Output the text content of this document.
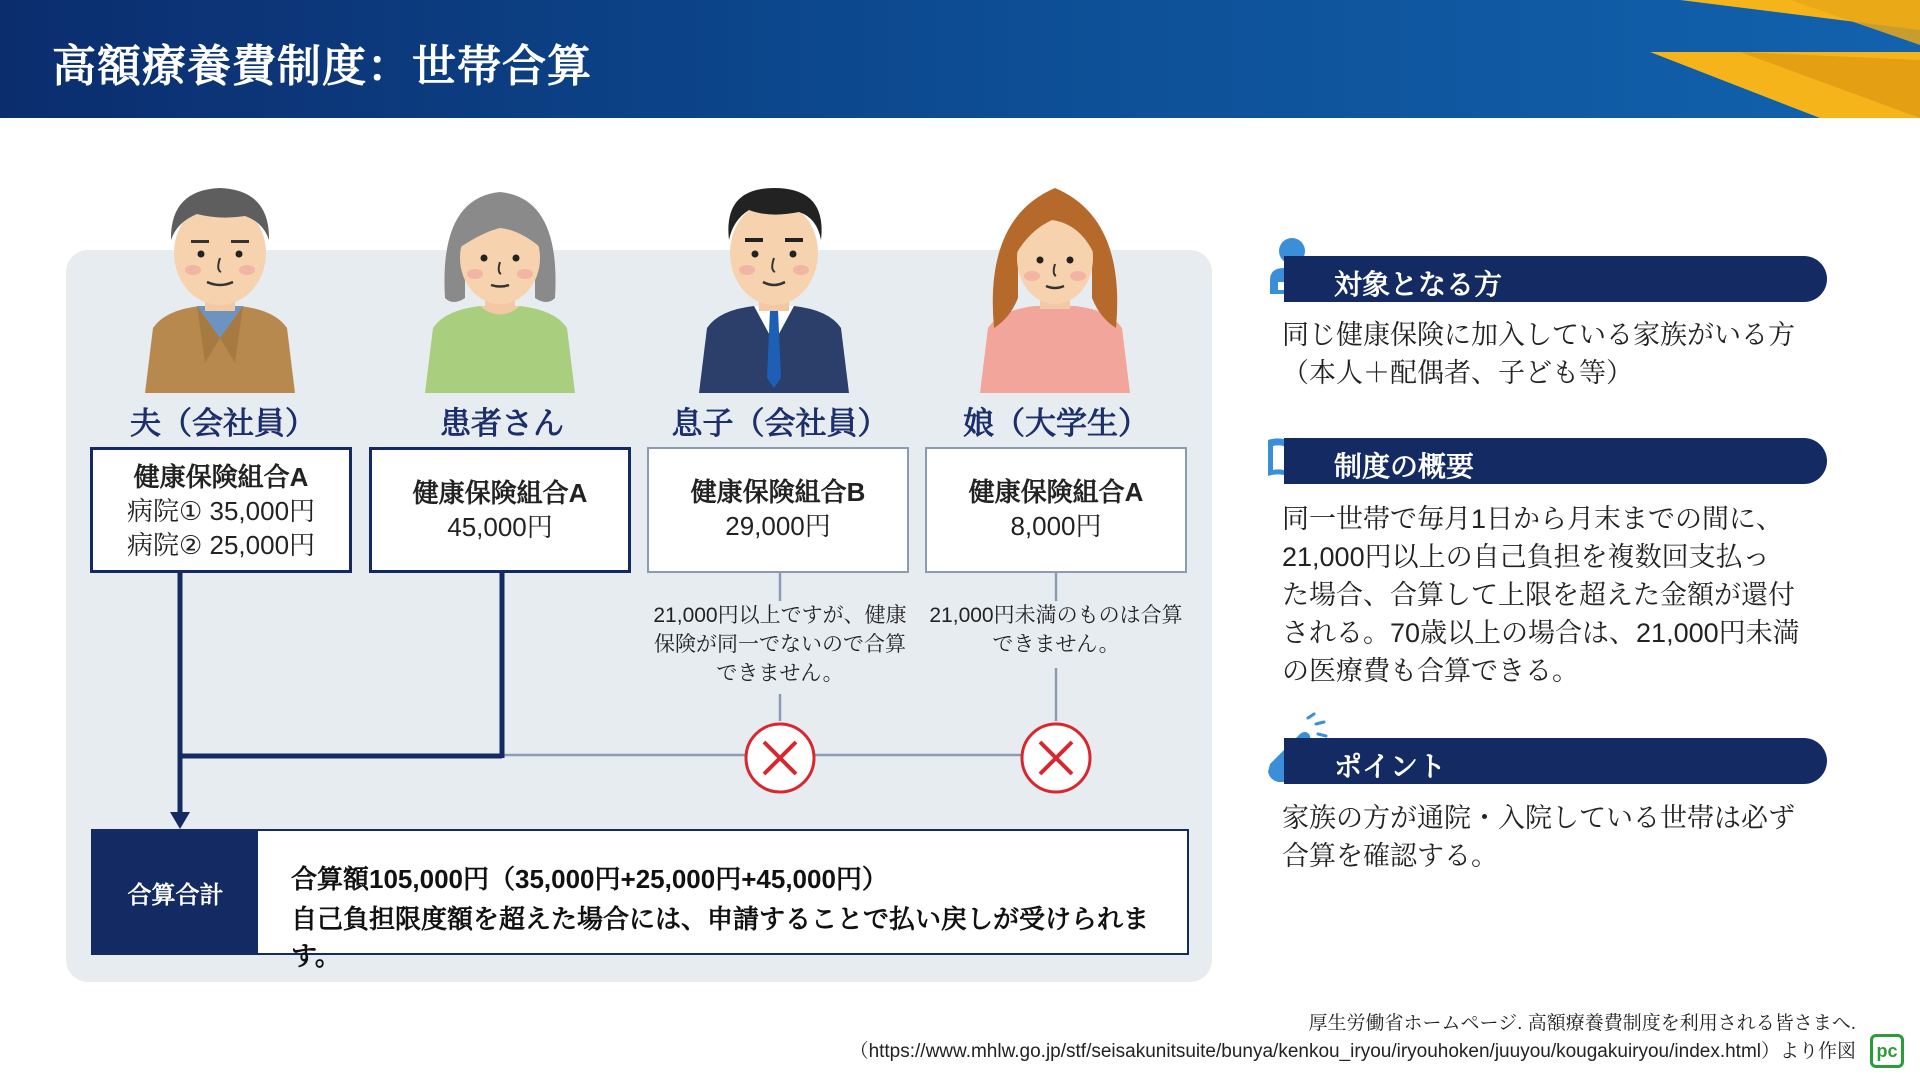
高額療養費制度：世帯合算
夫（会社員）	患者さん	息子（会社員）	娘（大学生）
健康保険組合A
病院① 35,000円
病院② 25,000円
健康保険組合A
45,000円
健康保険組合B
29,000円
健康保険組合A
8,000円
21,000円以上ですが、健康保険が同一でないので合算できません。
21,000円未満のものは合算できません。
合算合計
合算額105,000円（35,000円+25,000円+45,000円）
自己負担限度額を超えた場合には、申請することで払い戻しが受けられます。
対象となる方
同じ健康保険に加入している家族がいる方
（本人＋配偶者、子ども等）
制度の概要
同一世帯で毎月1日から月末までの間に、
21,000円以上の自己負担を複数回支払っ
た場合、合算して上限を超えた金額が還付
される。70歳以上の場合は、21,000円未満
の医療費も合算できる。
ポイント
家族の方が通院・入院している世帯は必ず
合算を確認する。
厚生労働省ホームページ. 高額療養費制度を利用される皆さまへ.
（https://www.mhlw.go.jp/stf/seisakunitsuite/bunya/kenkou_iryou/iryouhoken/juuyou/kougakuiryou/index.html）より作図 pc
